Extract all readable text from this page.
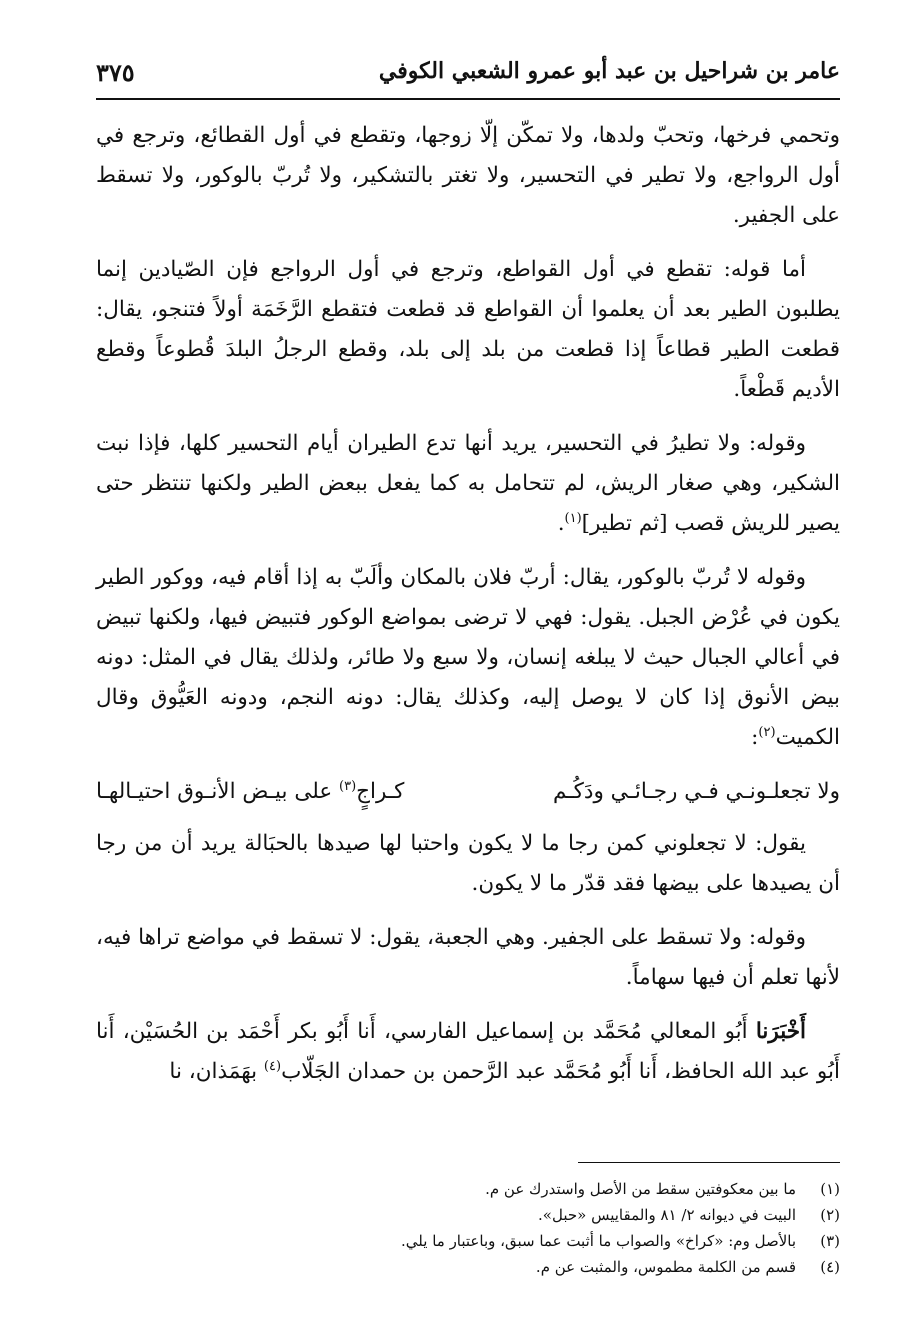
عامر بن شراحيل بن عبد أبو عمرو الشعبي الكوفي
٣٧٥

وتحمي فرخها، وتحبّ ولدها، ولا تمكّن إلّا زوجها، وتقطع في أول القطائع، وترجع في أول الرواجع، ولا تطير في التحسير، ولا تغتر بالتشكير، ولا تُربّ بالوكور، ولا تسقط على الجفير.

أما قوله: تقطع في أول القواطع، وترجع في أول الرواجع فإن الصّيادين إنما يطلبون الطير بعد أن يعلموا أن القواطع قد قطعت فتقطع الرَّخَمَة أولاً فتنجو، يقال: قطعت الطير قطاعاً إذا قطعت من بلد إلى بلد، وقطع الرجلُ البلدَ قُطوعاً وقطع الأديم قَطْعاً.

وقوله: ولا تطيرُ في التحسير، يريد أنها تدع الطيران أيام التحسير كلها، فإذا نبت الشكير، وهي صغار الريش، لم تتحامل به كما يفعل ببعض الطير ولكنها تنتظر حتى يصير للريش قصب [ثم تطير]$^{(١)}$.

وقوله لا تُربّ بالوكور، يقال: أربّ فلان بالمكان وألَبّ به إذا أقام فيه، ووكور الطير يكون في عُرْض الجبل. يقول: فهي لا ترضى بمواضع الوكور فتبيض فيها، ولكنها تبيض في أعالي الجبال حيث لا يبلغه إنسان، ولا سبع ولا طائر، ولذلك يقال في المثل: دونه بيض الأنوق إذا كان لا يوصل إليه، وكذلك يقال: دونه النجم، ودونه العَيُّوق وقال الكميت$^{(٢)}$:

ولا تجعلـونـي فـي رجـائـي ودَكُـم
كـراجٍ$^{(٣)}$ على بيـض الأنـوق احتيـالهـا

يقول: لا تجعلوني كمن رجا ما لا يكون واحتبا لها صيدها بالحبَالة يريد أن من رجا أن يصيدها على بيضها فقد قدّر ما لا يكون.

وقوله: ولا تسقط على الجفير. وهي الجعبة، يقول: لا تسقط في مواضع تراها فيه، لأنها تعلم أن فيها سهاماً.

أَخْبَرَنا أَبُو المعالي مُحَمَّد بن إسماعيل الفارسي، أَنا أَبُو بكر أَحْمَد بن الحُسَيْن، أَنا أَبُو عبد الله الحافظ، أَنا أَبُو مُحَمَّد عبد الرَّحمن بن حمدان الجَلّاب$^{(٤)}$ بهَمَذان، نا

(١)
ما بين معكوفتين سقط من الأصل واستدرك عن م.
(٢)
البيت في ديوانه ٢/ ٨١ والمقاييس «حبل».
(٣)
بالأصل وم: «كراخ» والصواب ما أثبت عما سبق، وباعتبار ما يلي.
(٤)
قسم من الكلمة مطموس، والمثبت عن م.
